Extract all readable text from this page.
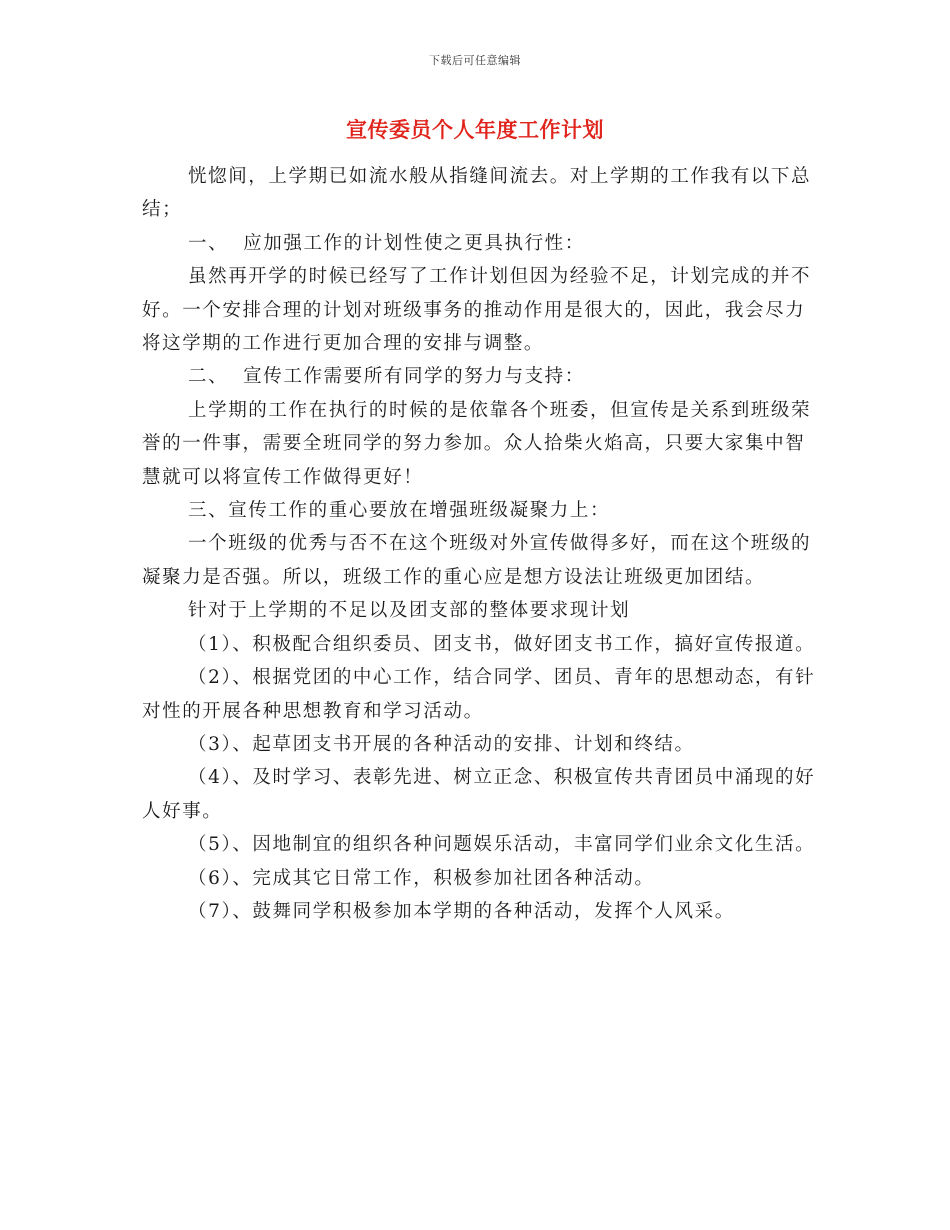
下载后可任意编辑
宣传委员个人年度工作计划

恍惚间，上学期已如流水般从指缝间流去。对上学期的工作我有以下总结；

一、  应加强工作的计划性使之更具执行性：

虽然再开学的时候已经写了工作计划但因为经验不足，计划完成的并不好。一个安排合理的计划对班级事务的推动作用是很大的，因此，我会尽力将这学期的工作进行更加合理的安排与调整。

二、  宣传工作需要所有同学的努力与支持：

上学期的工作在执行的时候的是依靠各个班委，但宣传是关系到班级荣誉的一件事，需要全班同学的努力参加。众人拾柴火焰高，只要大家集中智慧就可以将宣传工作做得更好！

三、宣传工作的重心要放在增强班级凝聚力上：

一个班级的优秀与否不在这个班级对外宣传做得多好，而在这个班级的凝聚力是否强。所以，班级工作的重心应是想方设法让班级更加团结。

针对于上学期的不足以及团支部的整体要求现计划

（1）、积极配合组织委员、团支书，做好团支书工作，搞好宣传报道。

（2）、根据党团的中心工作，结合同学、团员、青年的思想动态，有针对性的开展各种思想教育和学习活动。

（3）、起草团支书开展的各种活动的安排、计划和终结。

（4）、及时学习、表彰先进、树立正念、积极宣传共青团员中涌现的好人好事。

（5）、因地制宜的组织各种问题娱乐活动，丰富同学们业余文化生活。

（6）、完成其它日常工作，积极参加社团各种活动。

（7）、鼓舞同学积极参加本学期的各种活动，发挥个人风采。
